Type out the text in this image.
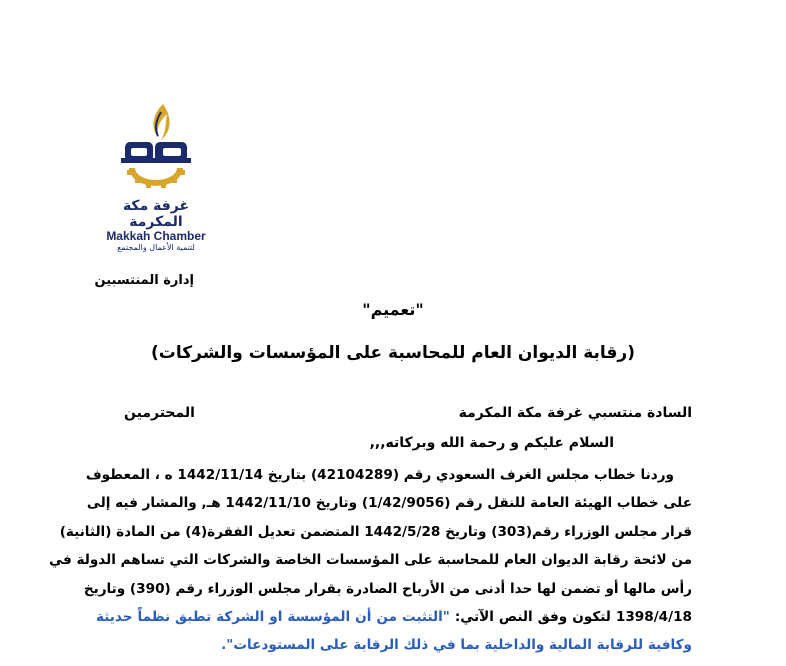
غرفة مكة المكرمة
Makkah Chamber
لتنمية الأعمال والمجتمع
إدارة المنتسبين
"تعميم"
(رقابة الديوان العام للمحاسبة على المؤسسات والشركات)
السادة منتسبي غرفة مكة المكرمة
المحترمين
السلام عليكم و رحمة الله وبركاته,,,
وردنا خطاب مجلس الغرف السعودي رقم (42104289) بتاريخ 1442/11/14 ه ، المعطوف
على خطاب الهيئة العامة للنقل رقم (1/42/9056) وتاريخ 1442/11/10 هـ, والمشار فيه إلى
قرار مجلس الوزراء رقم(303) وتاريخ 1442/5/28 المتضمن تعديل الفقرة(4) من المادة (الثانية)
من لائحة رقابة الديوان العام للمحاسبة على المؤسسات الخاصة والشركات التي تساهم الدولة في
رأس مالها أو تضمن لها حدا أدنى من الأرباح الصادرة بقرار مجلس الوزراء رقم (390) وتاريخ
1398/4/18 لتكون وفق النص الآتي: "التثبت من أن المؤسسة او الشركة تطبق نظماً حديثة
وكافية للرقابة المالية والداخلية بما في ذلك الرقابة على المستودعات".
